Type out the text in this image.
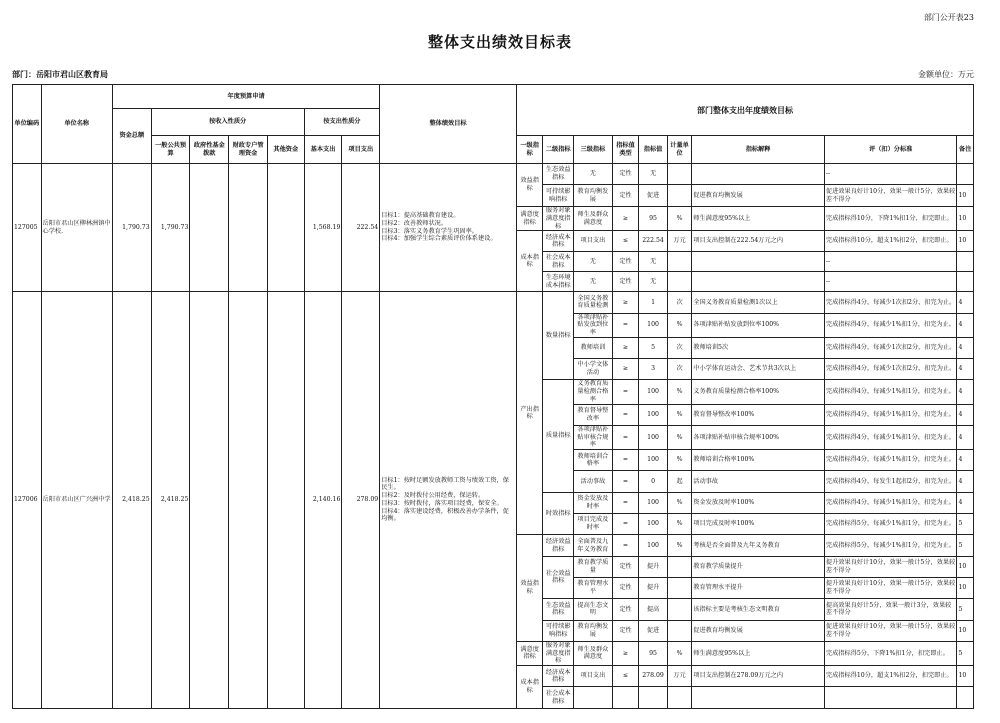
部门公开表23
整体支出绩效目标表
部门：岳阳市君山区教育局	金额单位：万元
单位编码	单位名称	年度预算申请							整体绩效目标	部门整体支出年度绩效目标								
		资金总额	按收入性质分				按支出性质分											
			一般公共预算	政府性基金拨款	财政专户管理资金	其他资金	基本支出	项目支出		一级指标	二级指标	三级指标	指标值类型	指标值	计量单位	指标解释	评（扣）分标准	备注
127005	岳阳市君山区柳林洲镇中心学校.	1,790.73	1,790.73				1,568.19	222.54	目标1：提高基础教育建设。
目标2：改善教师状况。
目标3：落实义务教育学生巩固率。
目标4：加强学生综合素质评价体系建设。	效益指标	生态效益指标	无	定性	无			--	
											可持续影响指标	教育均衡发展	定性	促进		促进教育均衡发展	促进效果良好计10分，效果一般计5分，效果较差不得分	10
										满意度指标	服务对象满意度指标	师生及群众满意度	≥	95	%	师生满意度95%以上	完成指标得10分，下降1%扣1分，扣完即止。	10
										成本指标	经济成本指标	项目支出	≤	222.54	万元	项目支出控制在222.54万元之内	完成指标得10分，超支1%扣2分，扣完即止。	10
											社会成本指标	无	定性	无			--	
											生态环境成本指标	无	定性	无			--	
127006	岳阳市君山区广兴洲中学	2,418.25	2,418.25				2,140.16	278.09	目标1：按时足额发放教师工资与绩效工资，保民生。
目标2：及时拨付公用经费，保运转。
目标3：按时拨付，落实项目经费，保安全。
目标4：落实建设经费，积极改善办学条件，促均衡。	产出指标	数量指标	全国义务教育质量检测	≥	1	次	全国义务教育质量检测1次以上	完成指标得4分，每减少1次扣2分，扣完为止。	4
												各项津贴补贴发放到位率	=	100	%	各项津贴补贴发放到位率100%	完成指标得4分，每减少1%扣1分，扣完为止。	4
												教师培训	≥	5	次	教师培训5次	完成指标得4分，每减少1次扣2分，扣完为止。	4
												中小学文体活动	≥	3	次	中小学体育运动会、艺术节共3次以上	完成指标得4分，每减少1次扣2分，扣完为止。	4
											质量指标	义务教育质量检测合格率	=	100	%	义务教育质量检测合格率100%	完成指标得4分，每减少1%扣1分，扣完为止。	4
												教育督导整改率	=	100	%	教育督导整改率100%	完成指标得4分，每减少1%扣1分，扣完为止。	4
												各项津贴补贴审核合规率	=	100	%	各项津贴补贴审核合规率100%	完成指标得4分，每减少1%扣1分，扣完为止。	4
												教师培训合格率	=	100	%	教师培训合格率100%	完成指标得4分，每减少1%扣1分，扣完为止。	4
												活动事故	=	0	起	活动事故	完成指标得4分，每发生1起扣2分，扣完为止。	4
											时效指标	资金发放及时率	=	100	%	资金发放及时率100%	完成指标得4分，每减少1%扣1分，扣完为止。	4
												项目完成及时率	=	100	%	项目完成及时率100%	完成指标得5分，每减少1%扣1分，扣完为止。	5
										效益指标	经济效益指标	全面普及九年义务教育	=	100	%	考核是否全面普及九年义务教育	完成指标得5分，每减少1%扣1分，扣完为止。	5
											社会效益指标	教育教学质量	定性	提升		教育教学质量提升	提升效果良好计10分，效果一般计5分，效果较差不得分	10
												教育管理水平	定性	提升		教育管理水平提升	提升效果良好计10分，效果一般计5分，效果较差不得分	10
											生态效益指标	提高生态文明	定性	提高		该指标主要是考核生态文明教育	提高效果良好计5分，效果一般计3分，效果较差不得分	5
											可持续影响指标	教育均衡发展	定性	促进		促进教育均衡发展	促进效果良好计10分，效果一般计5分，效果较差不得分	10
										满意度指标	服务对象满意度指标	师生及群众满意度	≥	95	%	师生满意度95%以上	完成指标得5分，下降1%扣1分，扣完即止。	5
										成本指标	经济成本指标	项目支出	≤	278.09	万元	项目支出控制在278.09万元之内	完成指标得10分，超支1%扣2分，扣完即止。	10
											社会成本指标							
